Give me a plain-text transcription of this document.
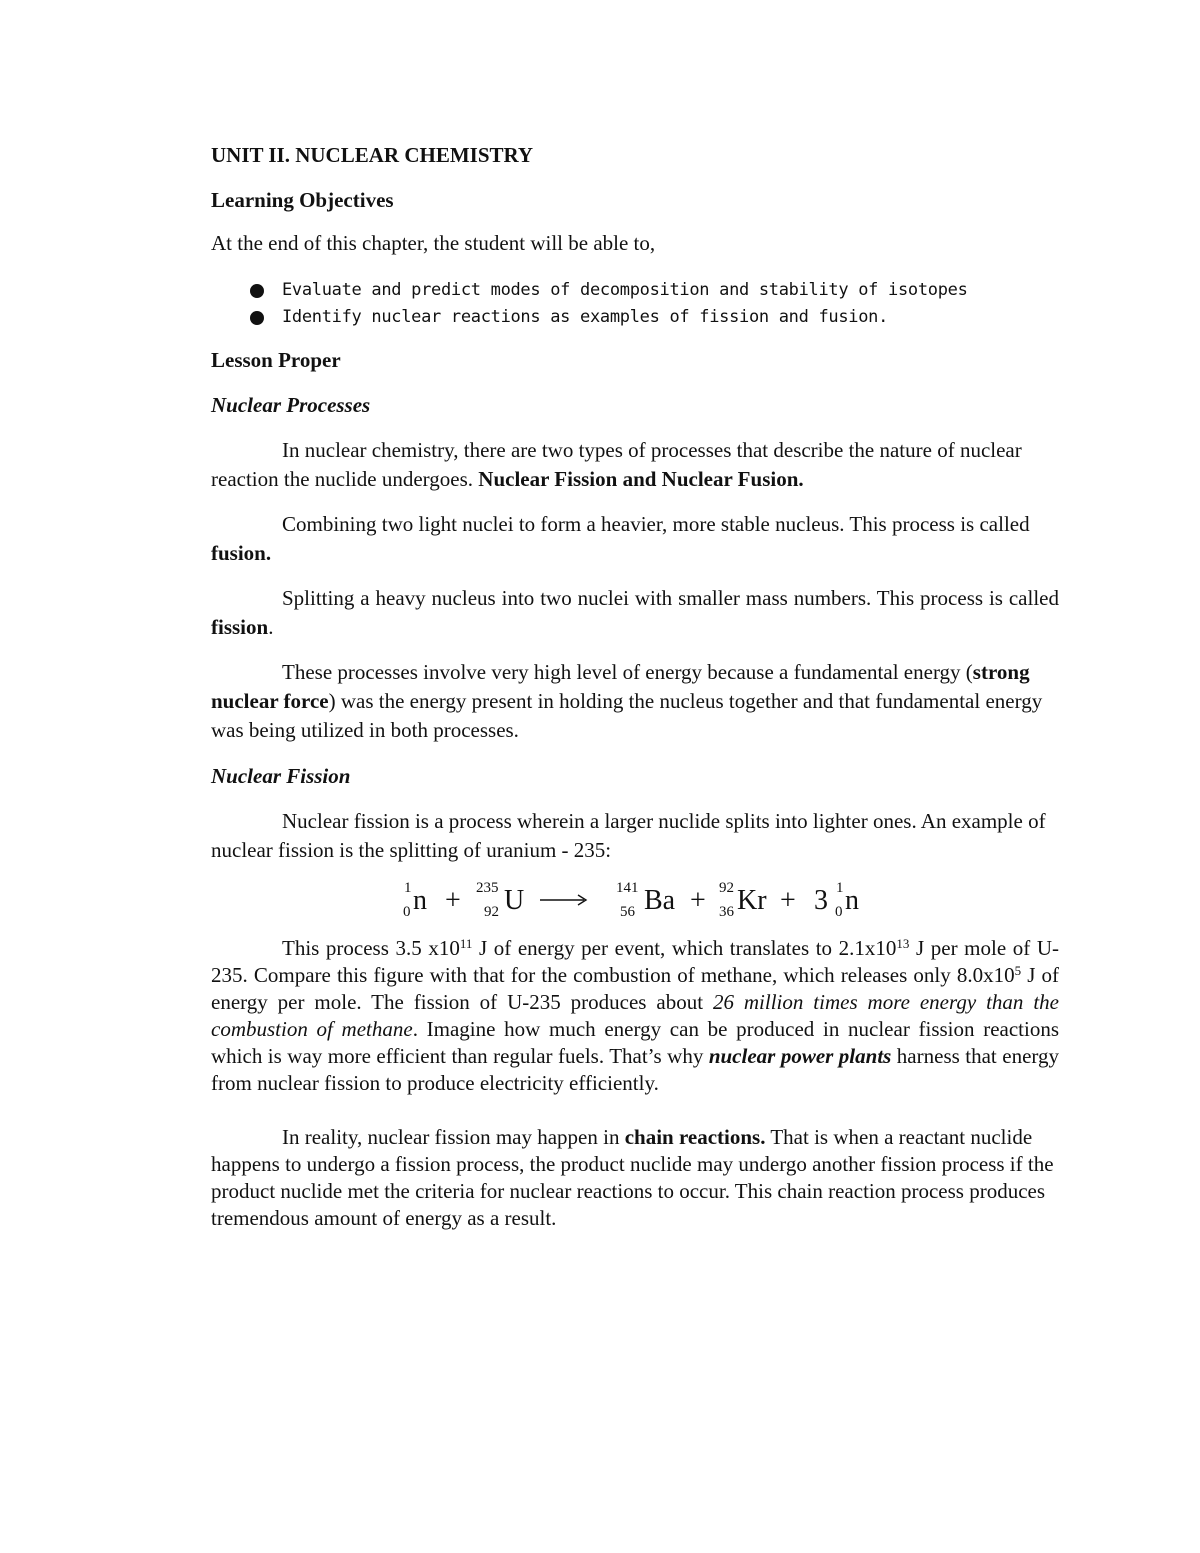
UNIT II. NUCLEAR CHEMISTRY
Learning Objectives
At the end of this chapter, the student will be able to,
Evaluate and predict modes of decomposition and stability of isotopes
Identify nuclear reactions as examples of fission and fusion.
Lesson Proper
Nuclear Processes
In nuclear chemistry, there are two types of processes that describe the nature of nuclear reaction the nuclide undergoes. Nuclear Fission and Nuclear Fusion.
Combining two light nuclei to form a heavier, more stable nucleus. This process is called fusion.
Splitting a heavy nucleus into two nuclei with smaller mass numbers. This process is called fission.
These processes involve very high level of energy because a fundamental energy (strong nuclear force) was the energy present in holding the nucleus together and that fundamental energy was being utilized in both processes.
Nuclear Fission
Nuclear fission is a process wherein a larger nuclide splits into lighter ones. An example of nuclear fission is the splitting of uranium - 235:
1
0 n + 235
92 U	141
56 Ba + 92
36 Kr + 3 1
0 n
This process 3.5 $x10^{11}$ J of energy per event, which translates to $2.1x10^{13}$ J per mole of U-235. Compare this figure with that for the combustion of methane, which releases only $8.0x10^5$ J of energy per mole. The fission of U-235 produces about 26 million times more energy than the combustion of methane. Imagine how much energy can be produced in nuclear fission reactions which is way more efficient than regular fuels. That’s why nuclear power plants harness that energy from nuclear fission to produce electricity efficiently.
In reality, nuclear fission may happen in chain reactions. That is when a reactant nuclide happens to undergo a fission process, the product nuclide may undergo another fission process if the product nuclide met the criteria for nuclear reactions to occur. This chain reaction process produces tremendous amount of energy as a result.
